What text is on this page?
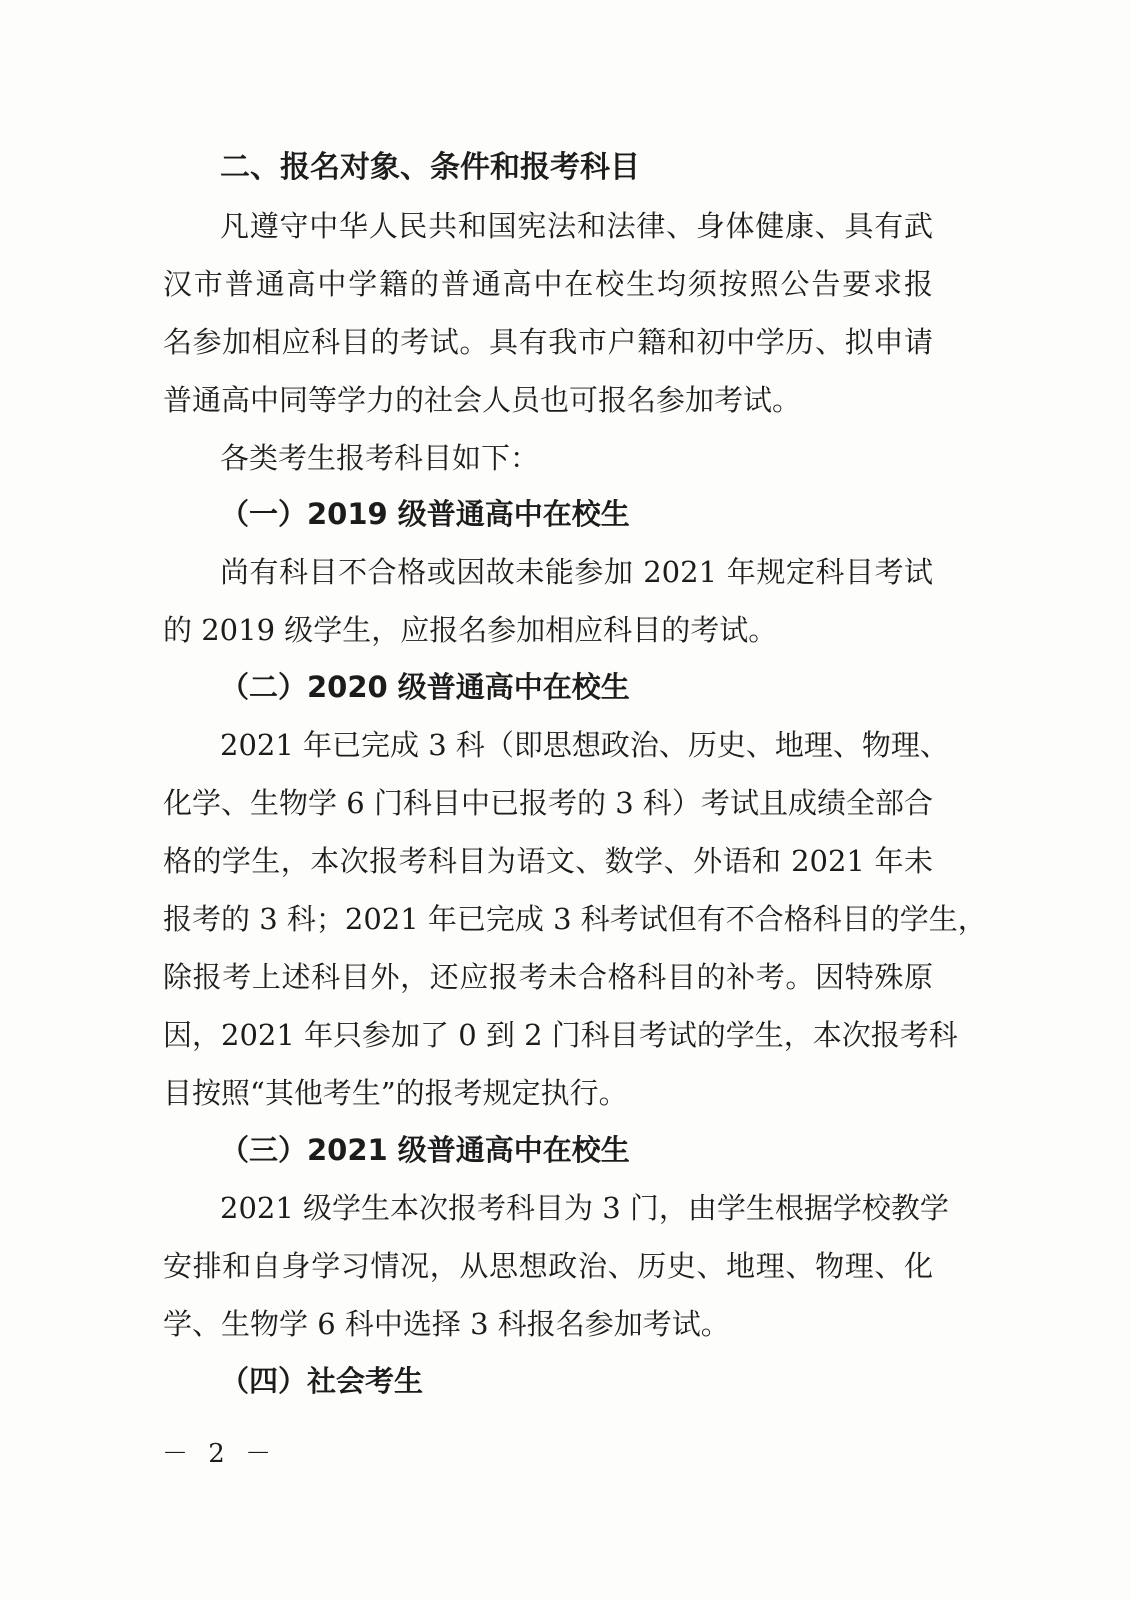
二、报名对象、条件和报考科目
凡遵守中华人民共和国宪法和法律、身体健康、具有武
汉市普通高中学籍的普通高中在校生均须按照公告要求报
名参加相应科目的考试。具有我市户籍和初中学历、拟申请
普通高中同等学力的社会人员也可报名参加考试。
各类考生报考科目如下：
（一）2019 级普通高中在校生
尚有科目不合格或因故未能参加 2021 年规定科目考试
的 2019 级学生，应报名参加相应科目的考试。
（二）2020 级普通高中在校生
2021 年已完成 3 科（即思想政治、历史、地理、物理、
化学、生物学 6 门科目中已报考的 3 科）考试且成绩全部合
格的学生，本次报考科目为语文、数学、外语和 2021 年未
报考的 3 科；2021 年已完成 3 科考试但有不合格科目的学生，
除报考上述科目外，还应报考未合格科目的补考。因特殊原
因，2021 年只参加了 0 到 2 门科目考试的学生，本次报考科
目按照“其他考生”的报考规定执行。
（三）2021 级普通高中在校生
2021 级学生本次报考科目为 3 门，由学生根据学校教学
安排和自身学习情况，从思想政治、历史、地理、物理、化
学、生物学 6 科中选择 3 科报名参加考试。
（四）社会考生
－ 2 －
